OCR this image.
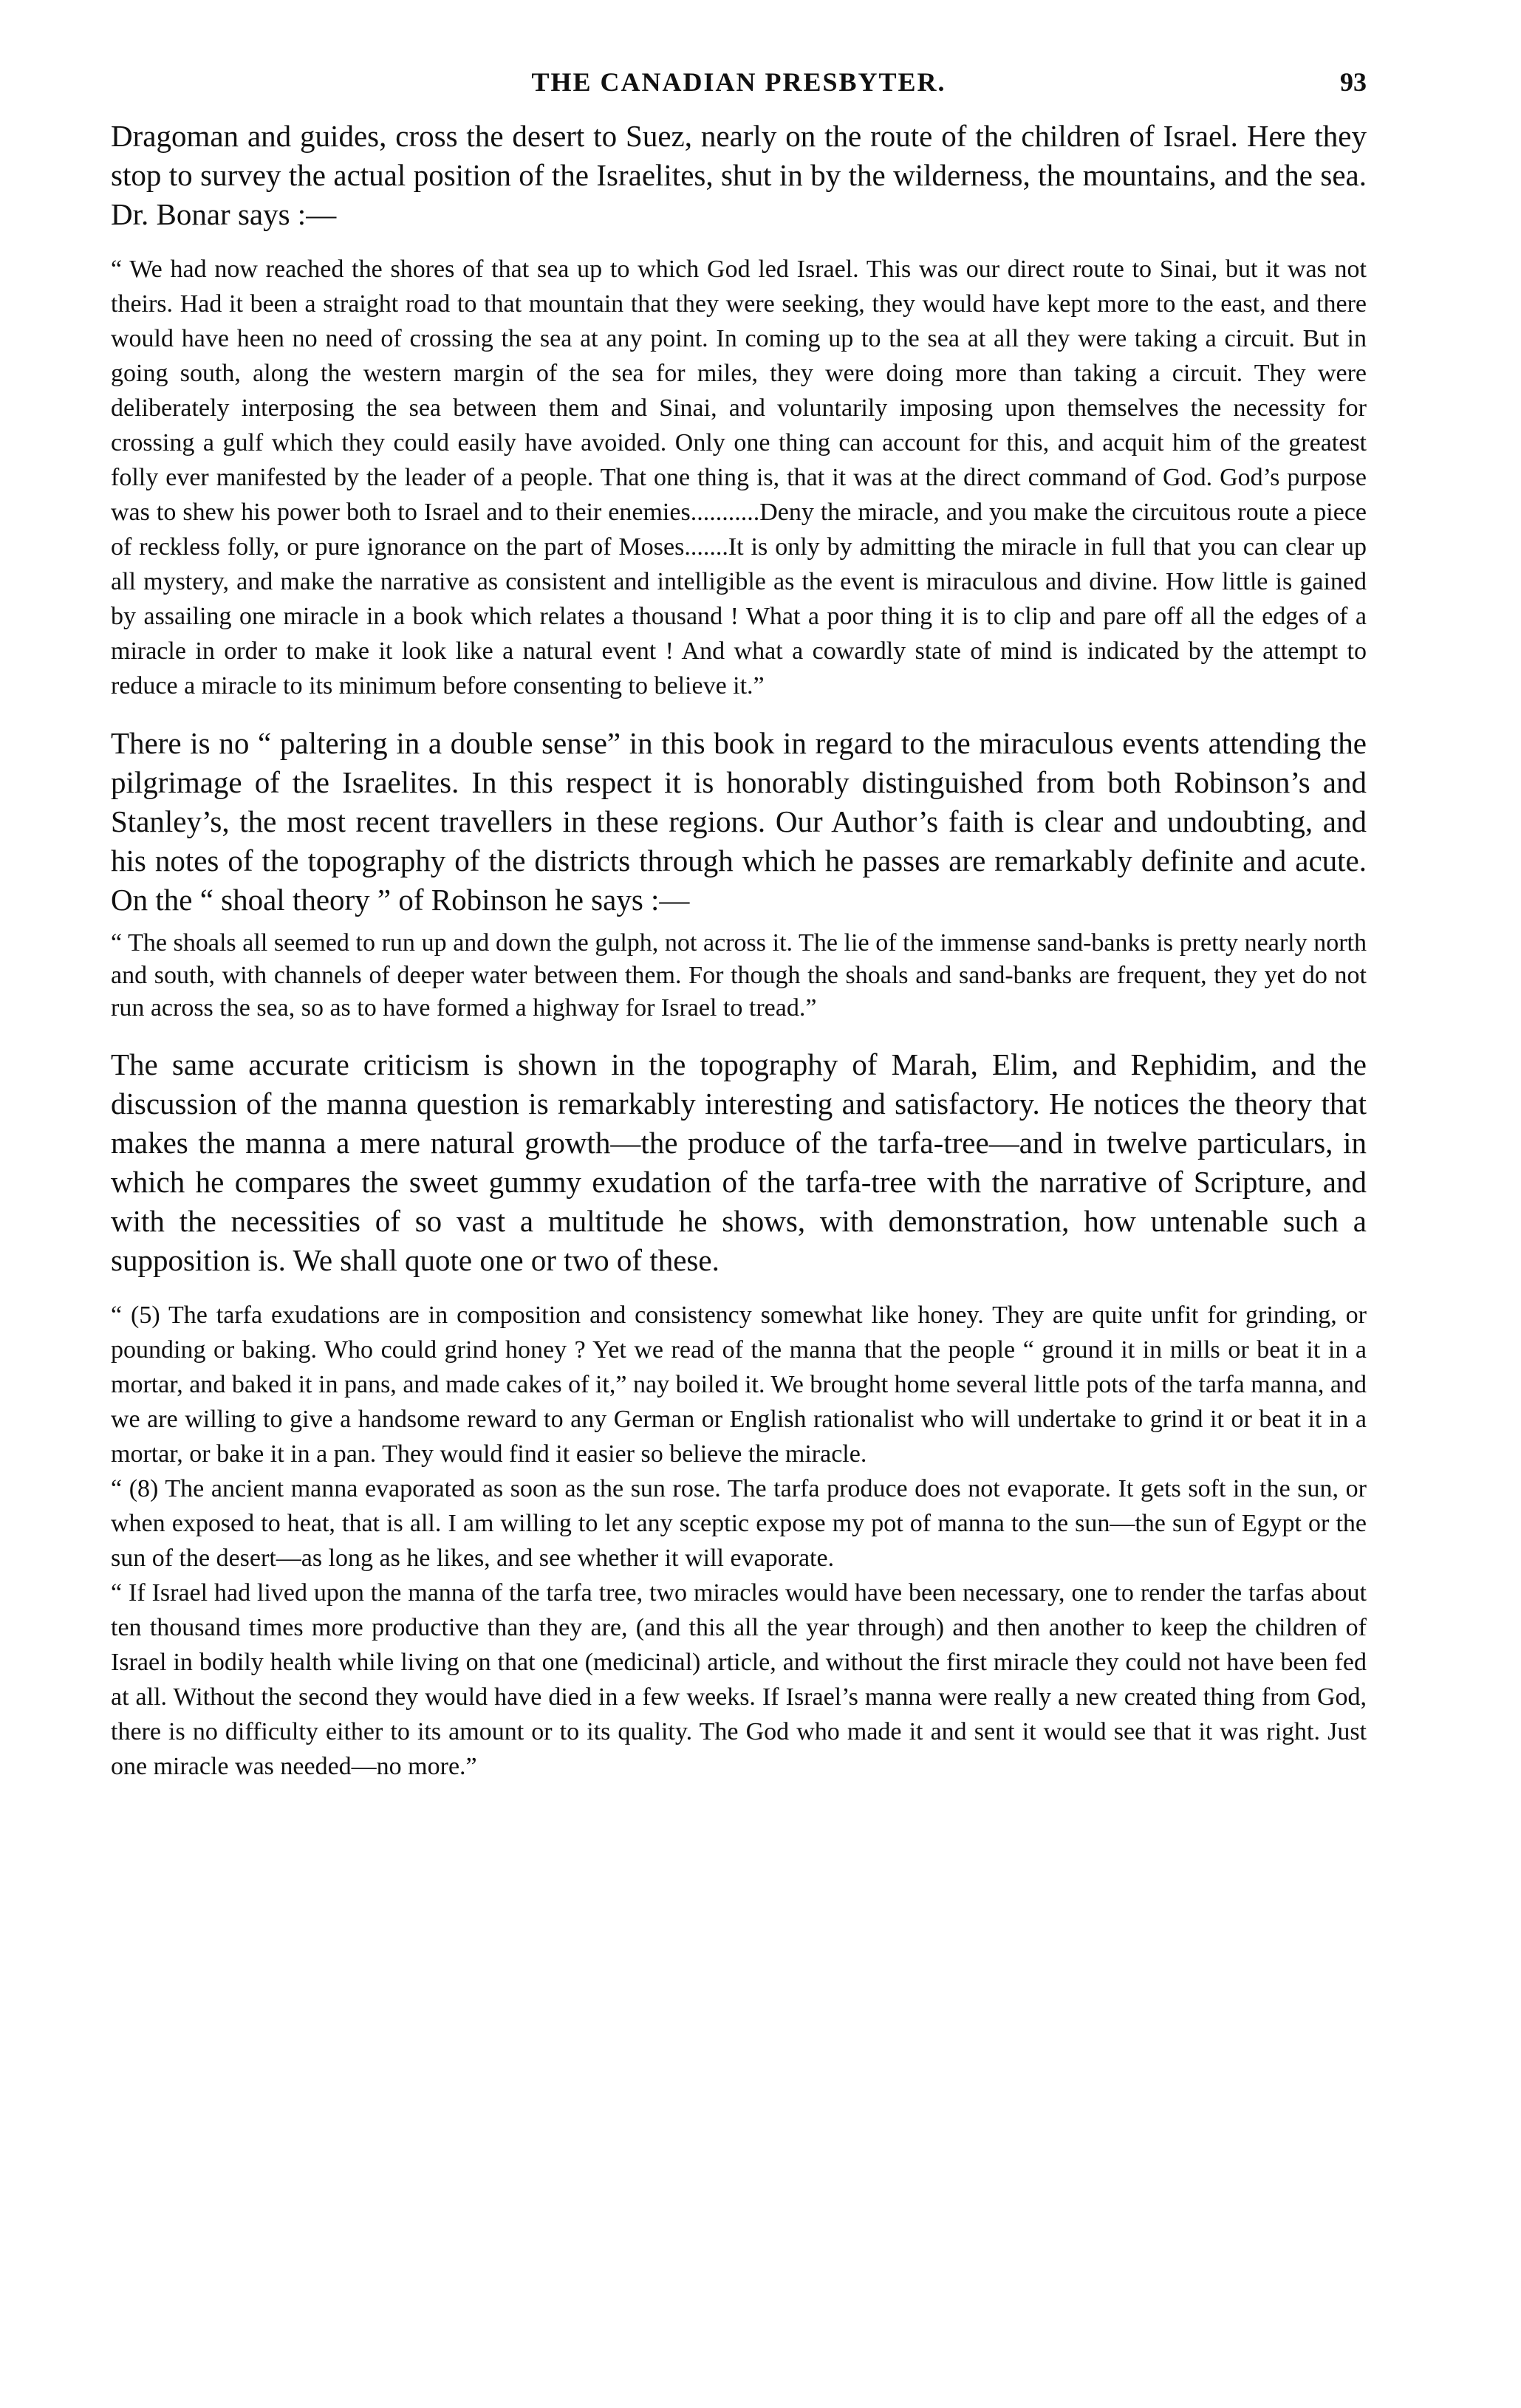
THE CANADIAN PRESBYTER.	93

Dragoman and guides, cross the desert to Suez, nearly on the route of the children of Israel. Here they stop to survey the actual position of the Israelites, shut in by the wilderness, the mountains, and the sea. Dr. Bonar says :—

“ We had now reached the shores of that sea up to which God led Israel. This was our direct route to Sinai, but it was not theirs. Had it been a straight road to that mountain that they were seeking, they would have kept more to the east, and there would have heen no need of crossing the sea at any point. In coming up to the sea at all they were taking a circuit. But in going south, along the western margin of the sea for miles, they were doing more than taking a circuit. They were deliberately interposing the sea between them and Sinai, and voluntarily imposing upon themselves the necessity for crossing a gulf which they could easily have avoided. Only one thing can account for this, and acquit him of the greatest folly ever manifested by the leader of a people. That one thing is, that it was at the direct command of God. God’s purpose was to shew his power both to Israel and to their enemies...........Deny the miracle, and you make the circuitous route a piece of reckless folly, or pure ignorance on the part of Moses.......It is only by admitting the miracle in full that you can clear up all mystery, and make the narrative as consistent and intelligible as the event is miraculous and divine. How little is gained by assailing one miracle in a book which relates a thousand ! What a poor thing it is to clip and pare off all the edges of a miracle in order to make it look like a natural event ! And what a cowardly state of mind is indicated by the attempt to reduce a miracle to its minimum before consenting to believe it.”

There is no “ paltering in a double sense” in this book in regard to the miraculous events attending the pilgrimage of the Israelites. In this respect it is honorably distinguished from both Robinson’s and Stanley’s, the most recent travellers in these regions. Our Author’s faith is clear and undoubting, and his notes of the topography of the districts through which he passes are remarkably definite and acute. On the “ shoal theory ” of Robinson he says :—

“ The shoals all seemed to run up and down the gulph, not across it. The lie of the immense sand-banks is pretty nearly north and south, with channels of deeper water between them. For though the shoals and sand-banks are frequent, they yet do not run across the sea, so as to have formed a highway for Israel to tread.”

The same accurate criticism is shown in the topography of Marah, Elim, and Rephidim, and the discussion of the manna question is remarkably interesting and satisfactory. He notices the theory that makes the manna a mere natural growth—the produce of the tarfa-tree—and in twelve particulars, in which he compares the sweet gummy exudation of the tarfa-tree with the narrative of Scripture, and with the necessities of so vast a multitude he shows, with demonstration, how untenable such a supposition is. We shall quote one or two of these.

“ (5) The tarfa exudations are in composition and consistency somewhat like honey. They are quite unfit for grinding, or pounding or baking. Who could grind honey ? Yet we read of the manna that the people “ ground it in mills or beat it in a mortar, and baked it in pans, and made cakes of it,” nay boiled it. We brought home several little pots of the tarfa manna, and we are willing to give a handsome reward to any German or English rationalist who will undertake to grind it or beat it in a mortar, or bake it in a pan. They would find it easier so believe the miracle.

“ (8) The ancient manna evaporated as soon as the sun rose. The tarfa produce does not evaporate. It gets soft in the sun, or when exposed to heat, that is all. I am willing to let any sceptic expose my pot of manna to the sun—the sun of Egypt or the sun of the desert—as long as he likes, and see whether it will evaporate.

“ If Israel had lived upon the manna of the tarfa tree, two miracles would have been necessary, one to render the tarfas about ten thousand times more productive than they are, (and this all the year through) and then another to keep the children of Israel in bodily health while living on that one (medicinal) article, and without the first miracle they could not have been fed at all. Without the second they would have died in a few weeks. If Israel’s manna were really a new created thing from God, there is no difficulty either to its amount or to its quality. The God who made it and sent it would see that it was right. Just one miracle was needed—no more.”
